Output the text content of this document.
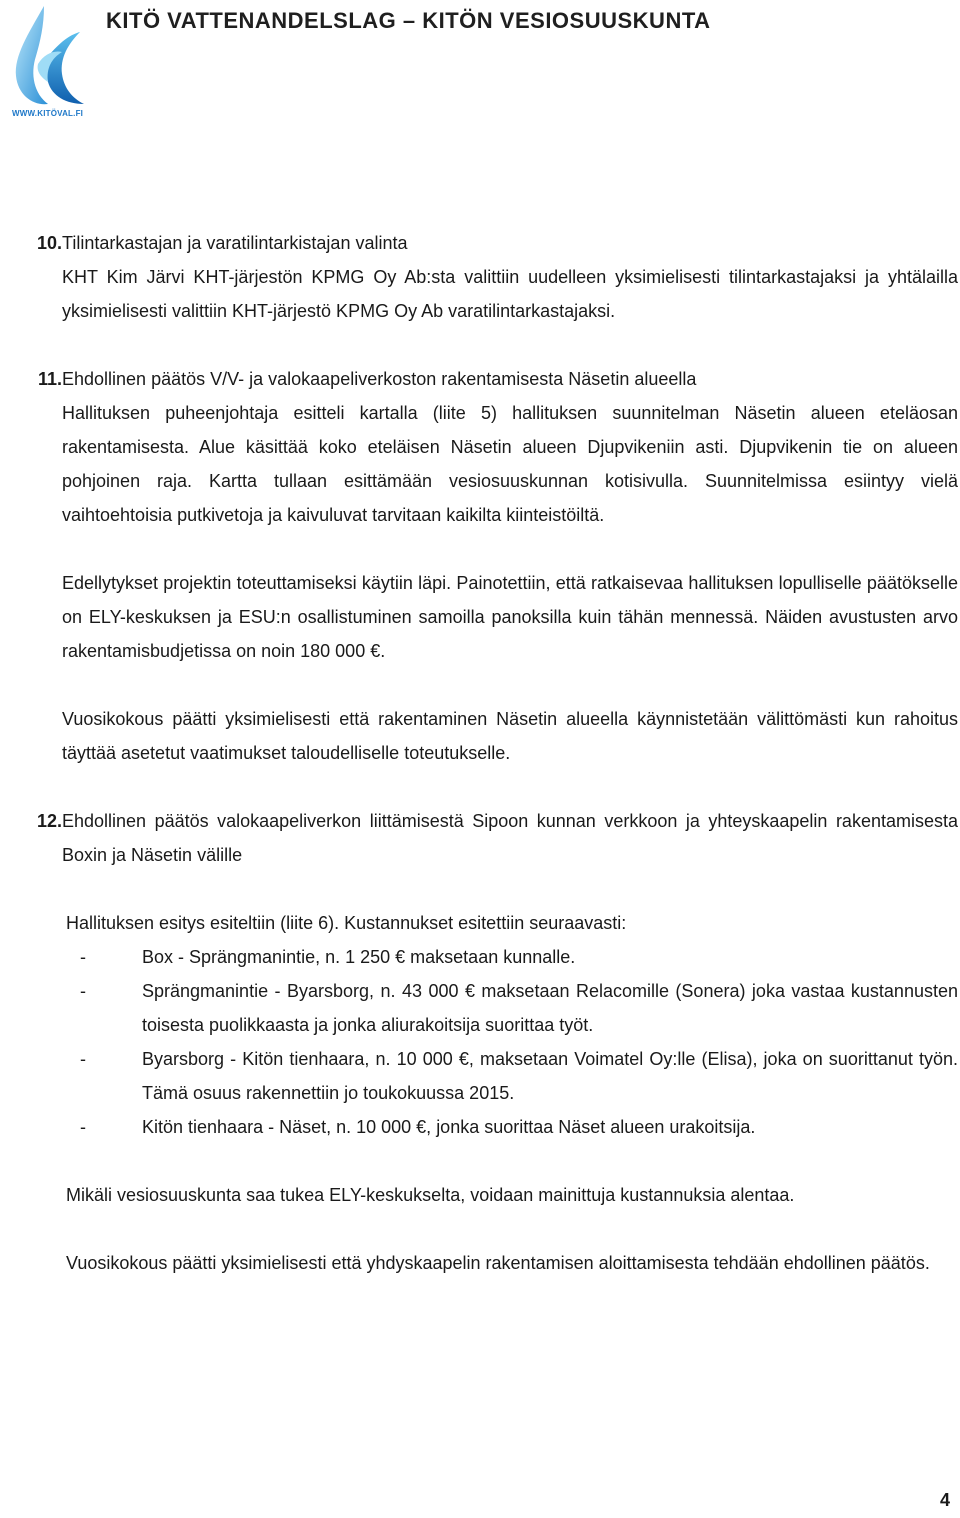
WWW.KITÖVAL.FI
KITÖ VATTENANDELSLAG – KITÖN VESIOSUUSKUNTA
10. Tilintarkastajan ja varatilintarkistajan valinta
KHT Kim Järvi KHT-järjestön KPMG Oy Ab:sta valittiin uudelleen yksimielisesti tilintarkastajaksi ja yhtälailla yksimielisesti valittiin KHT-järjestö KPMG Oy Ab varatilintarkastajaksi.
11. Ehdollinen päätös V/V- ja valokaapeliverkoston rakentamisesta Näsetin alueella
Hallituksen puheenjohtaja esitteli kartalla (liite 5) hallituksen suunnitelman Näsetin alueen eteläosan rakentamisesta. Alue käsittää koko eteläisen Näsetin alueen Djupvikeniin asti. Djupvikenin tie on alueen pohjoinen raja. Kartta tullaan esittämään vesiosuuskunnan kotisivulla. Suunnitelmissa esiintyy vielä vaihtoehtoisia putkivetoja ja kaivuluvat tarvitaan kaikilta kiinteistöiltä.
Edellytykset projektin toteuttamiseksi käytiin läpi. Painotettiin, että ratkaisevaa hallituksen lopulliselle päätökselle on ELY-keskuksen ja ESU:n osallistuminen samoilla panoksilla kuin tähän mennessä. Näiden avustusten arvo rakentamisbudjetissa on noin 180 000 €.
Vuosikokous päätti yksimielisesti että rakentaminen Näsetin alueella käynnistetään välittömästi kun rahoitus täyttää asetetut vaatimukset taloudelliselle toteutukselle.
12. Ehdollinen päätös valokaapeliverkon liittämisestä Sipoon kunnan verkkoon ja yhteyskaapelin rakentamisesta Boxin ja Näsetin välille
Hallituksen esitys esiteltiin (liite 6). Kustannukset esitettiin seuraavasti:
-	Box - Sprängmanintie, n. 1 250 € maksetaan kunnalle.
-	Sprängmanintie - Byarsborg, n. 43 000 € maksetaan Relacomille (Sonera) joka vastaa kustannusten toisesta puolikkaasta ja jonka aliurakoitsija suorittaa työt.
-	Byarsborg - Kitön tienhaara, n. 10 000 €, maksetaan Voimatel Oy:lle (Elisa), joka on suorittanut työn. Tämä osuus rakennettiin jo toukokuussa 2015.
-	Kitön tienhaara - Näset, n. 10 000 €, jonka suorittaa Näset alueen urakoitsija.
Mikäli vesiosuuskunta saa tukea ELY-keskukselta, voidaan mainittuja kustannuksia alentaa.
Vuosikokous päätti yksimielisesti että yhdyskaapelin rakentamisen aloittamisesta tehdään ehdollinen päätös.
4
